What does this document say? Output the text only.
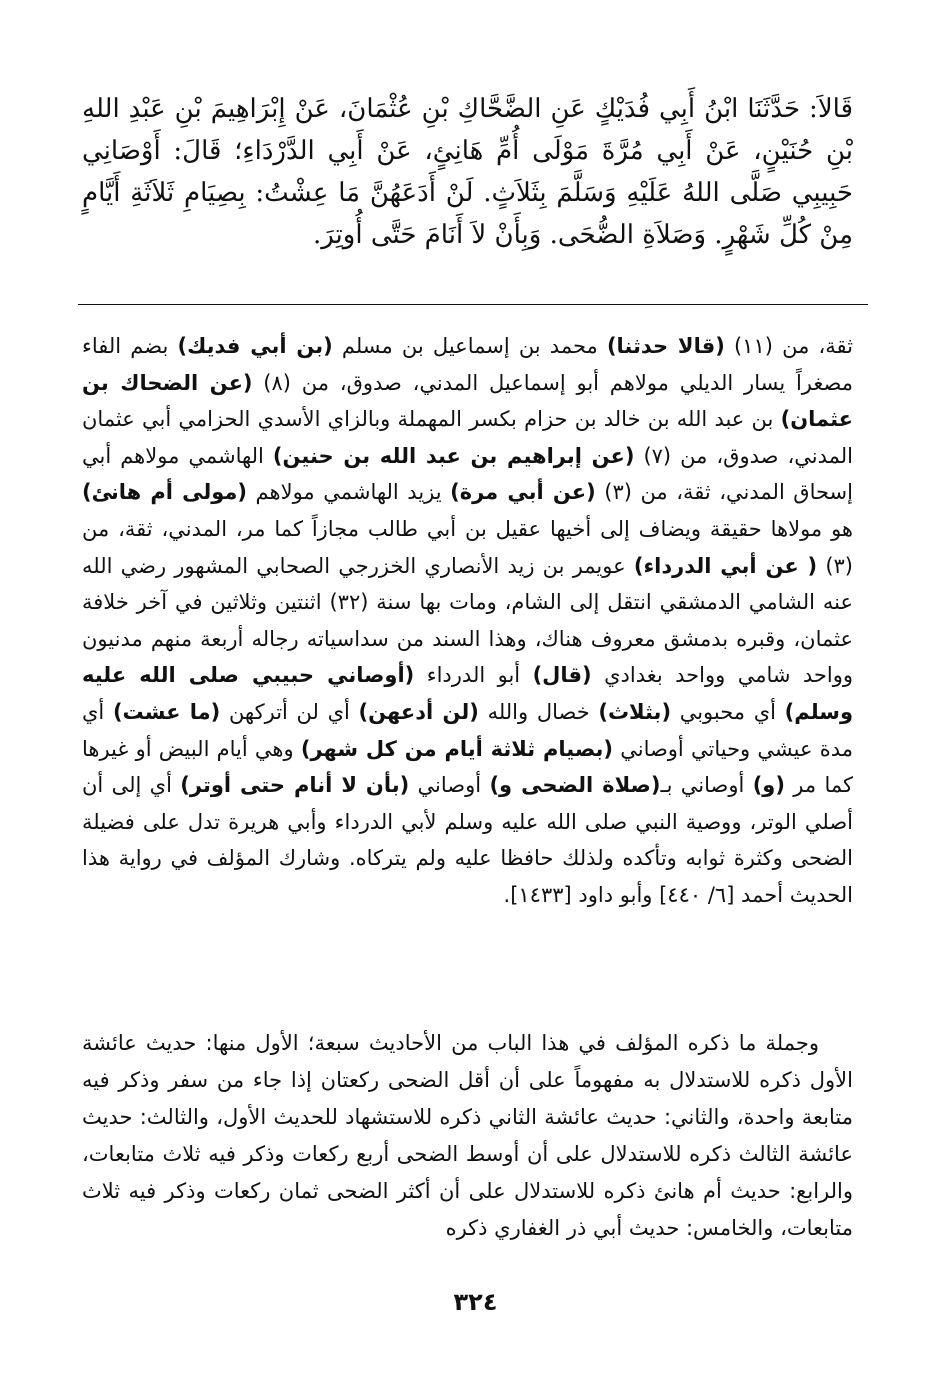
قَالاَ: حَدَّثَنَا ابْنُ أَبِي فُدَيْكٍ عَنِ الضَّحَّاكِ بْنِ عُثْمَانَ، عَنْ إِبْرَاهِيمَ بْنِ عَبْدِ اللهِ بْنِ حُنَيْنٍ، عَنْ أَبِي مُرَّةَ مَوْلَى أُمِّ هَانِئٍ، عَنْ أَبِي الدَّرْدَاءِ؛ قَالَ: أَوْصَانِي حَبِيبِي صَلَّى اللهُ عَلَيْهِ وَسَلَّمَ بِثَلاَثٍ. لَنْ أَدَعَهُنَّ مَا عِشْتُ: بِصِيَامِ ثَلاَثَةِ أَيَّامٍ مِنْ كُلِّ شَهْرٍ. وَصَلاَةِ الضُّحَى. وَبِأَنْ لاَ أَنَامَ حَتَّى أُوتِرَ.
ثقة، من (١١) (قالا حدثنا) محمد بن إسماعيل بن مسلم (بن أبي فديك) بضم الفاء مصغراً يسار الديلي مولاهم أبو إسماعيل المدني، صدوق، من (٨) (عن الضحاك بن عثمان) بن عبد الله بن خالد بن حزام بكسر المهملة وبالزاي الأسدي الحزامي أبي عثمان المدني، صدوق، من (٧) (عن إبراهيم بن عبد الله بن حنين) الهاشمي مولاهم أبي إسحاق المدني، ثقة، من (٣) (عن أبي مرة) يزيد الهاشمي مولاهم (مولى أم هانئ) هو مولاها حقيقة ويضاف إلى أخيها عقيل بن أبي طالب مجازاً كما مر، المدني، ثقة، من (٣) ( عن أبي الدرداء) عويمر بن زيد الأنصاري الخزرجي الصحابي المشهور رضي الله عنه الشامي الدمشقي انتقل إلى الشام، ومات بها سنة (٣٢) اثنتين وثلاثين في آخر خلافة عثمان، وقبره بدمشق معروف هناك، وهذا السند من سداسياته رجاله أربعة منهم مدنيون وواحد شامي وواحد بغدادي (قال) أبو الدرداء (أوصاني حبيبي صلى الله عليه وسلم) أي محبوبي (بثلاث) خصال والله (لن أدعهن) أي لن أتركهن (ما عشت) أي مدة عيشي وحياتي أوصاني (بصيام ثلاثة أيام من كل شهر) وهي أيام البيض أو غيرها كما مر (و) أوصاني بـ(صلاة الضحى و) أوصاني (بأن لا أنام حتى أوتر) أي إلى أن أصلي الوتر، ووصية النبي صلى الله عليه وسلم لأبي الدرداء وأبي هريرة تدل على فضيلة الضحى وكثرة ثوابه وتأكده ولذلك حافظا عليه ولم يتركاه. وشارك المؤلف في رواية هذا الحديث أحمد [٦/ ٤٤٠] وأبو داود [١٤٣٣].
وجملة ما ذكره المؤلف في هذا الباب من الأحاديث سبعة؛ الأول منها: حديث عائشة الأول ذكره للاستدلال به مفهوماً على أن أقل الضحى ركعتان إذا جاء من سفر وذكر فيه متابعة واحدة، والثاني: حديث عائشة الثاني ذكره للاستشهاد للحديث الأول، والثالث: حديث عائشة الثالث ذكره للاستدلال على أن أوسط الضحى أربع ركعات وذكر فيه ثلاث متابعات، والرابع: حديث أم هانئ ذكره للاستدلال على أن أكثر الضحى ثمان ركعات وذكر فيه ثلاث متابعات، والخامس: حديث أبي ذر الغفاري ذكره
٣٢٤
